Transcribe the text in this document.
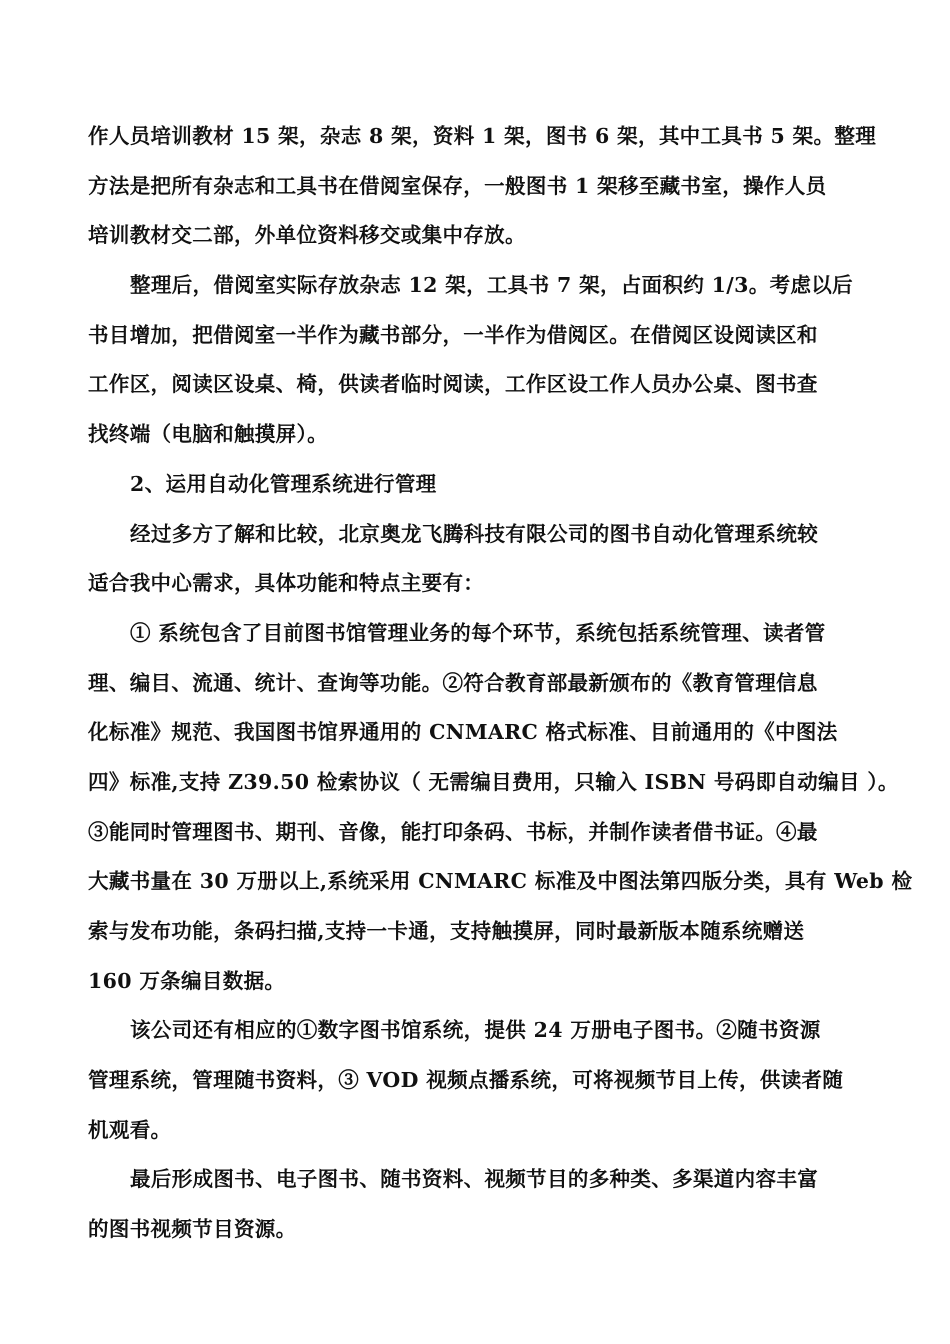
作人员培训教材 15 架，杂志 8 架，资料 1 架，图书 6 架，其中工具书 5 架。整理
方法是把所有杂志和工具书在借阅室保存，一般图书 1 架移至藏书室，操作人员
培训教材交二部，外单位资料移交或集中存放。

整理后，借阅室实际存放杂志 12 架，工具书 7 架，占面积约 1/3。考虑以后
书目增加，把借阅室一半作为藏书部分，一半作为借阅区。在借阅区设阅读区和
工作区，阅读区设桌、椅，供读者临时阅读，工作区设工作人员办公桌、图书查
找终端（电脑和触摸屏）。

2、运用自动化管理系统进行管理

经过多方了解和比较，北京奥龙飞腾科技有限公司的图书自动化管理系统较
适合我中心需求，具体功能和特点主要有：

① 系统包含了目前图书馆管理业务的每个环节，系统包括系统管理、读者管
理、编目、流通、统计、查询等功能。②符合教育部最新颁布的《教育管理信息
化标准》规范、我国图书馆界通用的 CNMARC 格式标准、目前通用的《中图法
四》标准,支持 Z39.50 检索协议（ 无需编目费用，只输入 ISBN 号码即自动编目 ）。
③能同时管理图书、期刊、音像，能打印条码、书标，并制作读者借书证。④最
大藏书量在 30 万册以上,系统采用 CNMARC 标准及中图法第四版分类，具有 Web 检
索与发布功能，条码扫描,支持一卡通，支持触摸屏，同时最新版本随系统赠送
160 万条编目数据。

该公司还有相应的①数字图书馆系统，提供 24 万册电子图书。②随书资源
管理系统，管理随书资料，③ VOD 视频点播系统，可将视频节目上传，供读者随
机观看。

最后形成图书、电子图书、随书资料、视频节目的多种类、多渠道内容丰富
的图书视频节目资源。
